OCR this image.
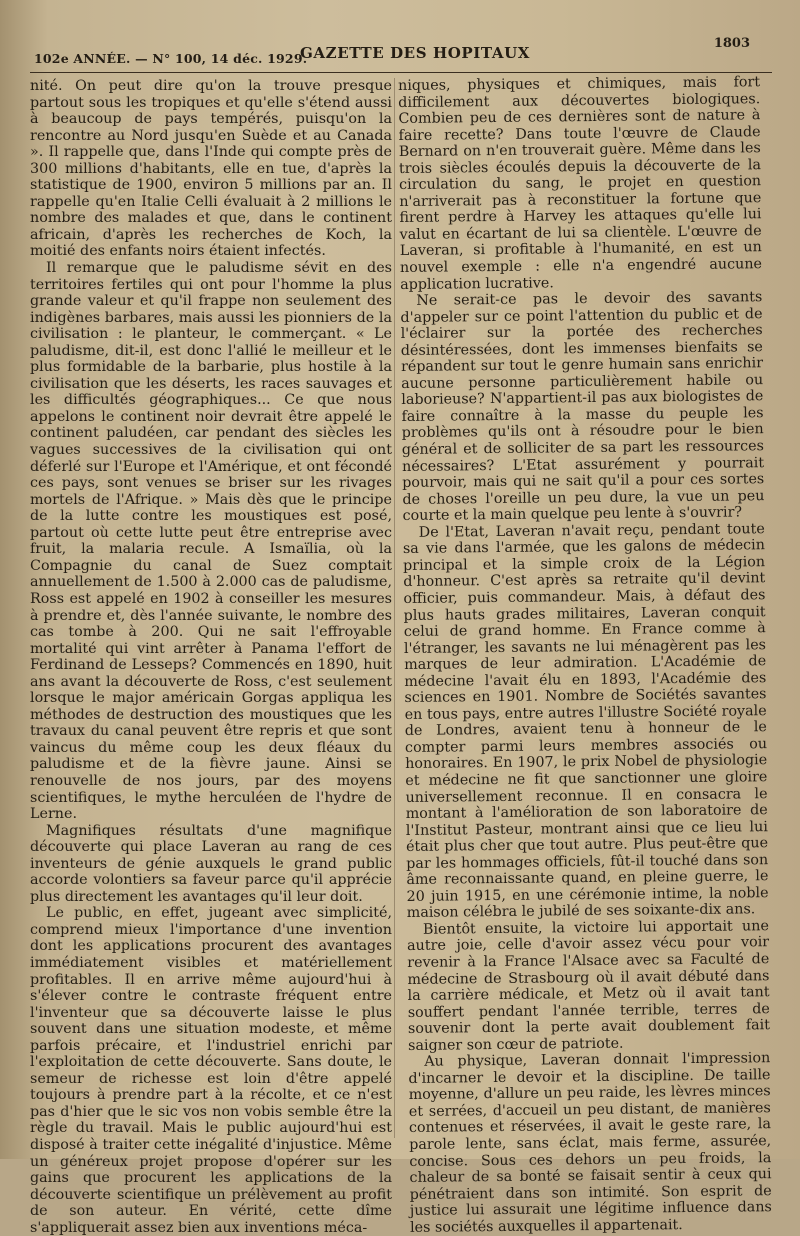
102e ANNÉE. — N° 100, 14 déc. 1929.
GAZETTE DES HOPITAUX
1803

nité. On peut dire qu'on la trouve presque partout sous les tropiques et qu'elle s'étend aussi à beaucoup de pays tempérés, puisqu'on la rencontre au Nord jusqu'en Suède et au Canada ». Il rappelle que, dans l'Inde qui compte près de 300 millions d'habitants, elle en tue, d'après la statistique de 1900, environ 5 millions par an. Il rappelle qu'en Italie Celli évaluait à 2 millions le nombre des malades et que, dans le continent africain, d'après les recherches de Koch, la moitié des enfants noirs étaient infectés.

Il remarque que le paludisme sévit en des territoires fertiles qui ont pour l'homme la plus grande valeur et qu'il frappe non seulement des indigènes barbares, mais aussi les pionniers de la civilisation : le planteur, le commerçant. « Le paludisme, dit-il, est donc l'allié le meilleur et le plus formidable de la barbarie, plus hostile à la civilisation que les déserts, les races sauvages et les difficultés géographiques... Ce que nous appelons le continent noir devrait être appelé le continent paludéen, car pendant des siècles les vagues successives de la civilisation qui ont déferlé sur l'Europe et l'Amérique, et ont fécondé ces pays, sont venues se briser sur les rivages mortels de l'Afrique. » Mais dès que le principe de la lutte contre les moustiques est posé, partout où cette lutte peut être entreprise avec fruit, la malaria recule. A Ismaïlia, où la Compagnie du canal de Suez comptait annuellement de 1.500 à 2.000 cas de paludisme, Ross est appelé en 1902 à conseiller les mesures à prendre et, dès l'année suivante, le nombre des cas tombe à 200. Qui ne sait l'effroyable mortalité qui vint arrêter à Panama l'effort de Ferdinand de Lesseps? Commencés en 1890, huit ans avant la découverte de Ross, c'est seulement lorsque le major américain Gorgas appliqua les méthodes de destruction des moustiques que les travaux du canal peuvent être repris et que sont vaincus du même coup les deux fléaux du paludisme et de la fièvre jaune. Ainsi se renouvelle de nos jours, par des moyens scientifiques, le mythe herculéen de l'hydre de Lerne.

Magnifiques résultats d'une magnifique découverte qui place Laveran au rang de ces inventeurs de génie auxquels le grand public accorde volontiers sa faveur parce qu'il apprécie plus directement les avantages qu'il leur doit.

Le public, en effet, jugeant avec simplicité, comprend mieux l'importance d'une invention dont les applications procurent des avantages immédiatement visibles et matériellement profitables. Il en arrive même aujourd'hui à s'élever contre le contraste fréquent entre l'inventeur que sa découverte laisse le plus souvent dans une situation modeste, et même parfois précaire, et l'industriel enrichi par l'exploitation de cette découverte. Sans doute, le semeur de richesse est loin d'être appelé toujours à prendre part à la récolte, et ce n'est pas d'hier que le sic vos non vobis semble être la règle du travail. Mais le public aujourd'hui est disposé à traiter cette inégalité d'injustice. Même un généreux projet propose d'opérer sur les gains que procurent les applications de la découverte scientifique un prélèvement au profit de son auteur. En vérité, cette dîme s'appliquerait assez bien aux inventions méca-

niques, physiques et chimiques, mais fort difficilement aux découvertes biologiques. Combien peu de ces dernières sont de nature à faire recette? Dans toute l'œuvre de Claude Bernard on n'en trouverait guère. Même dans les trois siècles écoulés depuis la découverte de la circulation du sang, le projet en question n'arriverait pas à reconstituer la fortune que firent perdre à Harvey les attaques qu'elle lui valut en écartant de lui sa clientèle. L'œuvre de Laveran, si profitable à l'humanité, en est un nouvel exemple : elle n'a engendré aucune application lucrative.

Ne serait-ce pas le devoir des savants d'appeler sur ce point l'attention du public et de l'éclairer sur la portée des recherches désintéressées, dont les immenses bienfaits se répandent sur tout le genre humain sans enrichir aucune personne particulièrement habile ou laborieuse? N'appartient-il pas aux biologistes de faire connaître à la masse du peuple les problèmes qu'ils ont à résoudre pour le bien général et de solliciter de sa part les ressources nécessaires? L'Etat assurément y pourrait pourvoir, mais qui ne sait qu'il a pour ces sortes de choses l'oreille un peu dure, la vue un peu courte et la main quelque peu lente à s'ouvrir?

De l'Etat, Laveran n'avait reçu, pendant toute sa vie dans l'armée, que les galons de médecin principal et la simple croix de la Légion d'honneur. C'est après sa retraite qu'il devint officier, puis commandeur. Mais, à défaut des plus hauts grades militaires, Laveran conquit celui de grand homme. En France comme à l'étranger, les savants ne lui ménagèrent pas les marques de leur admiration. L'Académie de médecine l'avait élu en 1893, l'Académie des sciences en 1901. Nombre de Sociétés savantes en tous pays, entre autres l'illustre Société royale de Londres, avaient tenu à honneur de le compter parmi leurs membres associés ou honoraires. En 1907, le prix Nobel de physiologie et médecine ne fit que sanctionner une gloire universellement reconnue. Il en consacra le montant à l'amélioration de son laboratoire de l'Institut Pasteur, montrant ainsi que ce lieu lui était plus cher que tout autre. Plus peut-être que par les hommages officiels, fût-il touché dans son âme reconnaissante quand, en pleine guerre, le 20 juin 1915, en une cérémonie intime, la noble maison célébra le jubilé de ses soixante-dix ans.

Bientôt ensuite, la victoire lui apportait une autre joie, celle d'avoir assez vécu pour voir revenir à la France l'Alsace avec sa Faculté de médecine de Strasbourg où il avait débuté dans la carrière médicale, et Metz où il avait tant souffert pendant l'année terrible, terres de souvenir dont la perte avait doublement fait saigner son cœur de patriote.

Au physique, Laveran donnait l'impression d'incarner le devoir et la discipline. De taille moyenne, d'allure un peu raide, les lèvres minces et serrées, d'accueil un peu distant, de manières contenues et réservées, il avait le geste rare, la parole lente, sans éclat, mais ferme, assurée, concise. Sous ces dehors un peu froids, la chaleur de sa bonté se faisait sentir à ceux qui pénétraient dans son intimité. Son esprit de justice lui assurait une légitime influence dans les sociétés auxquelles il appartenait.
